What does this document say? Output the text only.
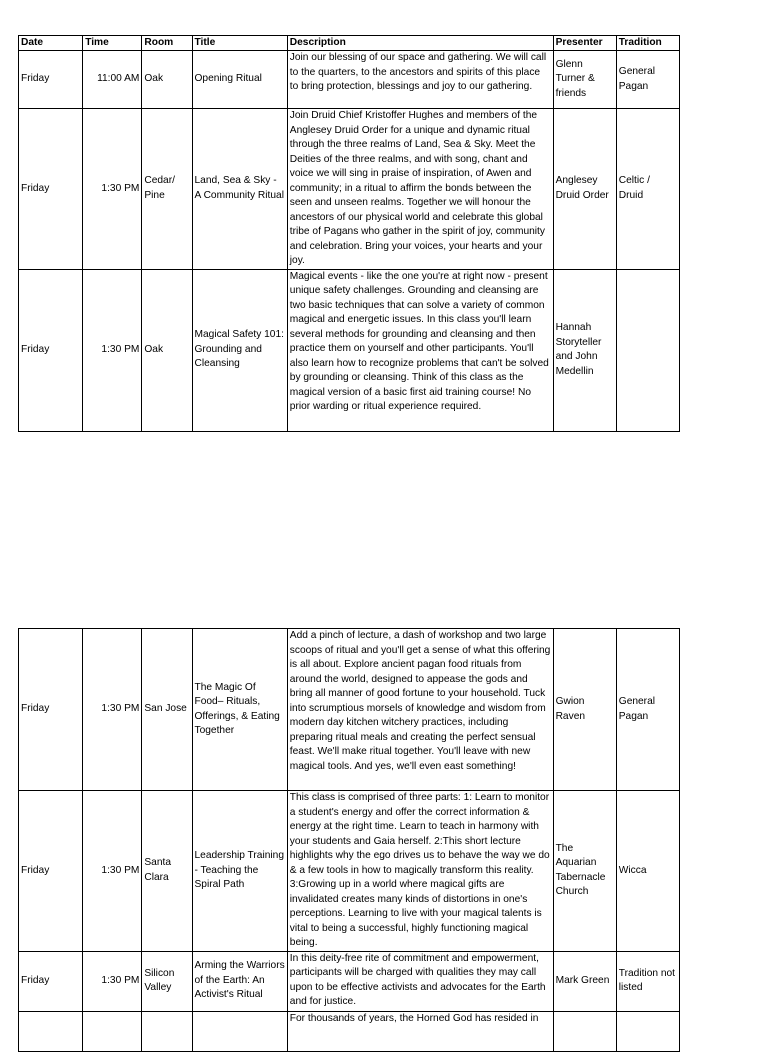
Date	Time	Room	Title	Description	Presenter	Tradition
Friday	11:00 AM	Oak	Opening Ritual	Join our blessing of our space and gathering. We will call to the quarters, to the ancestors and spirits of this place to bring protection, blessings and joy to our gathering.	Glenn Turner & friends	General Pagan
Friday	1:30 PM	Cedar/ Pine	Land, Sea & Sky - A Community Ritual	Join Druid Chief Kristoffer Hughes and members of the Anglesey Druid Order for a unique and dynamic ritual through the three realms of Land, Sea & Sky. Meet the Deities of the three realms, and with song, chant and voice we will sing in praise of inspiration, of Awen and community; in a ritual to affirm the bonds between the seen and unseen realms. Together we will honour the ancestors of our physical world and celebrate this global tribe of Pagans who gather in the spirit of joy, community and celebration. Bring your voices, your hearts and your joy.	Anglesey Druid Order	Celtic / Druid
Friday	1:30 PM	Oak	Magical Safety 101: Grounding and Cleansing	Magical events - like the one you're at right now - present unique safety challenges. Grounding and cleansing are two basic techniques that can solve a variety of common magical and energetic issues. In this class you'll learn several methods for grounding and cleansing and then practice them on yourself and other participants. You'll also learn how to recognize problems that can't be solved by grounding or cleansing. Think of this class as the magical version of a basic first aid training course! No prior warding or ritual experience required.	Hannah Storyteller and John Medellin	
Friday	1:30 PM	San Jose	The Magic Of Food– Rituals, Offerings, & Eating Together	Add a pinch of lecture, a dash of workshop and two large scoops of ritual and you'll get a sense of what this offering is all about. Explore ancient pagan food rituals from around the world, designed to appease the gods and bring all manner of good fortune to your household. Tuck into scrumptious morsels of knowledge and wisdom from modern day kitchen witchery practices, including preparing ritual meals and creating the perfect sensual feast. We'll make ritual together. You'll leave with new magical tools. And yes, we'll even east something!	Gwion Raven	General Pagan
Friday	1:30 PM	Santa Clara	Leadership Training - Teaching the Spiral Path	This class is comprised of three parts: 1: Learn to monitor a student's energy and offer the correct information & energy at the right time. Learn to teach in harmony with your students and Gaia herself. 2:This short lecture highlights why the ego drives us to behave the way we do & a few tools in how to magically transform this reality. 3:Growing up in a world where magical gifts are invalidated creates many kinds of distortions in one's perceptions. Learning to live with your magical talents is vital to being a successful, highly functioning magical being.	The Aquarian Tabernacle Church	Wicca
Friday	1:30 PM	Silicon Valley	Arming the Warriors of the Earth: An Activist's Ritual	In this deity-free rite of commitment and empowerment, participants will be charged with qualities they may call upon to be effective activists and advocates for the Earth and for justice.	Mark Green	Tradition not listed
				For thousands of years, the Horned God has resided in		
